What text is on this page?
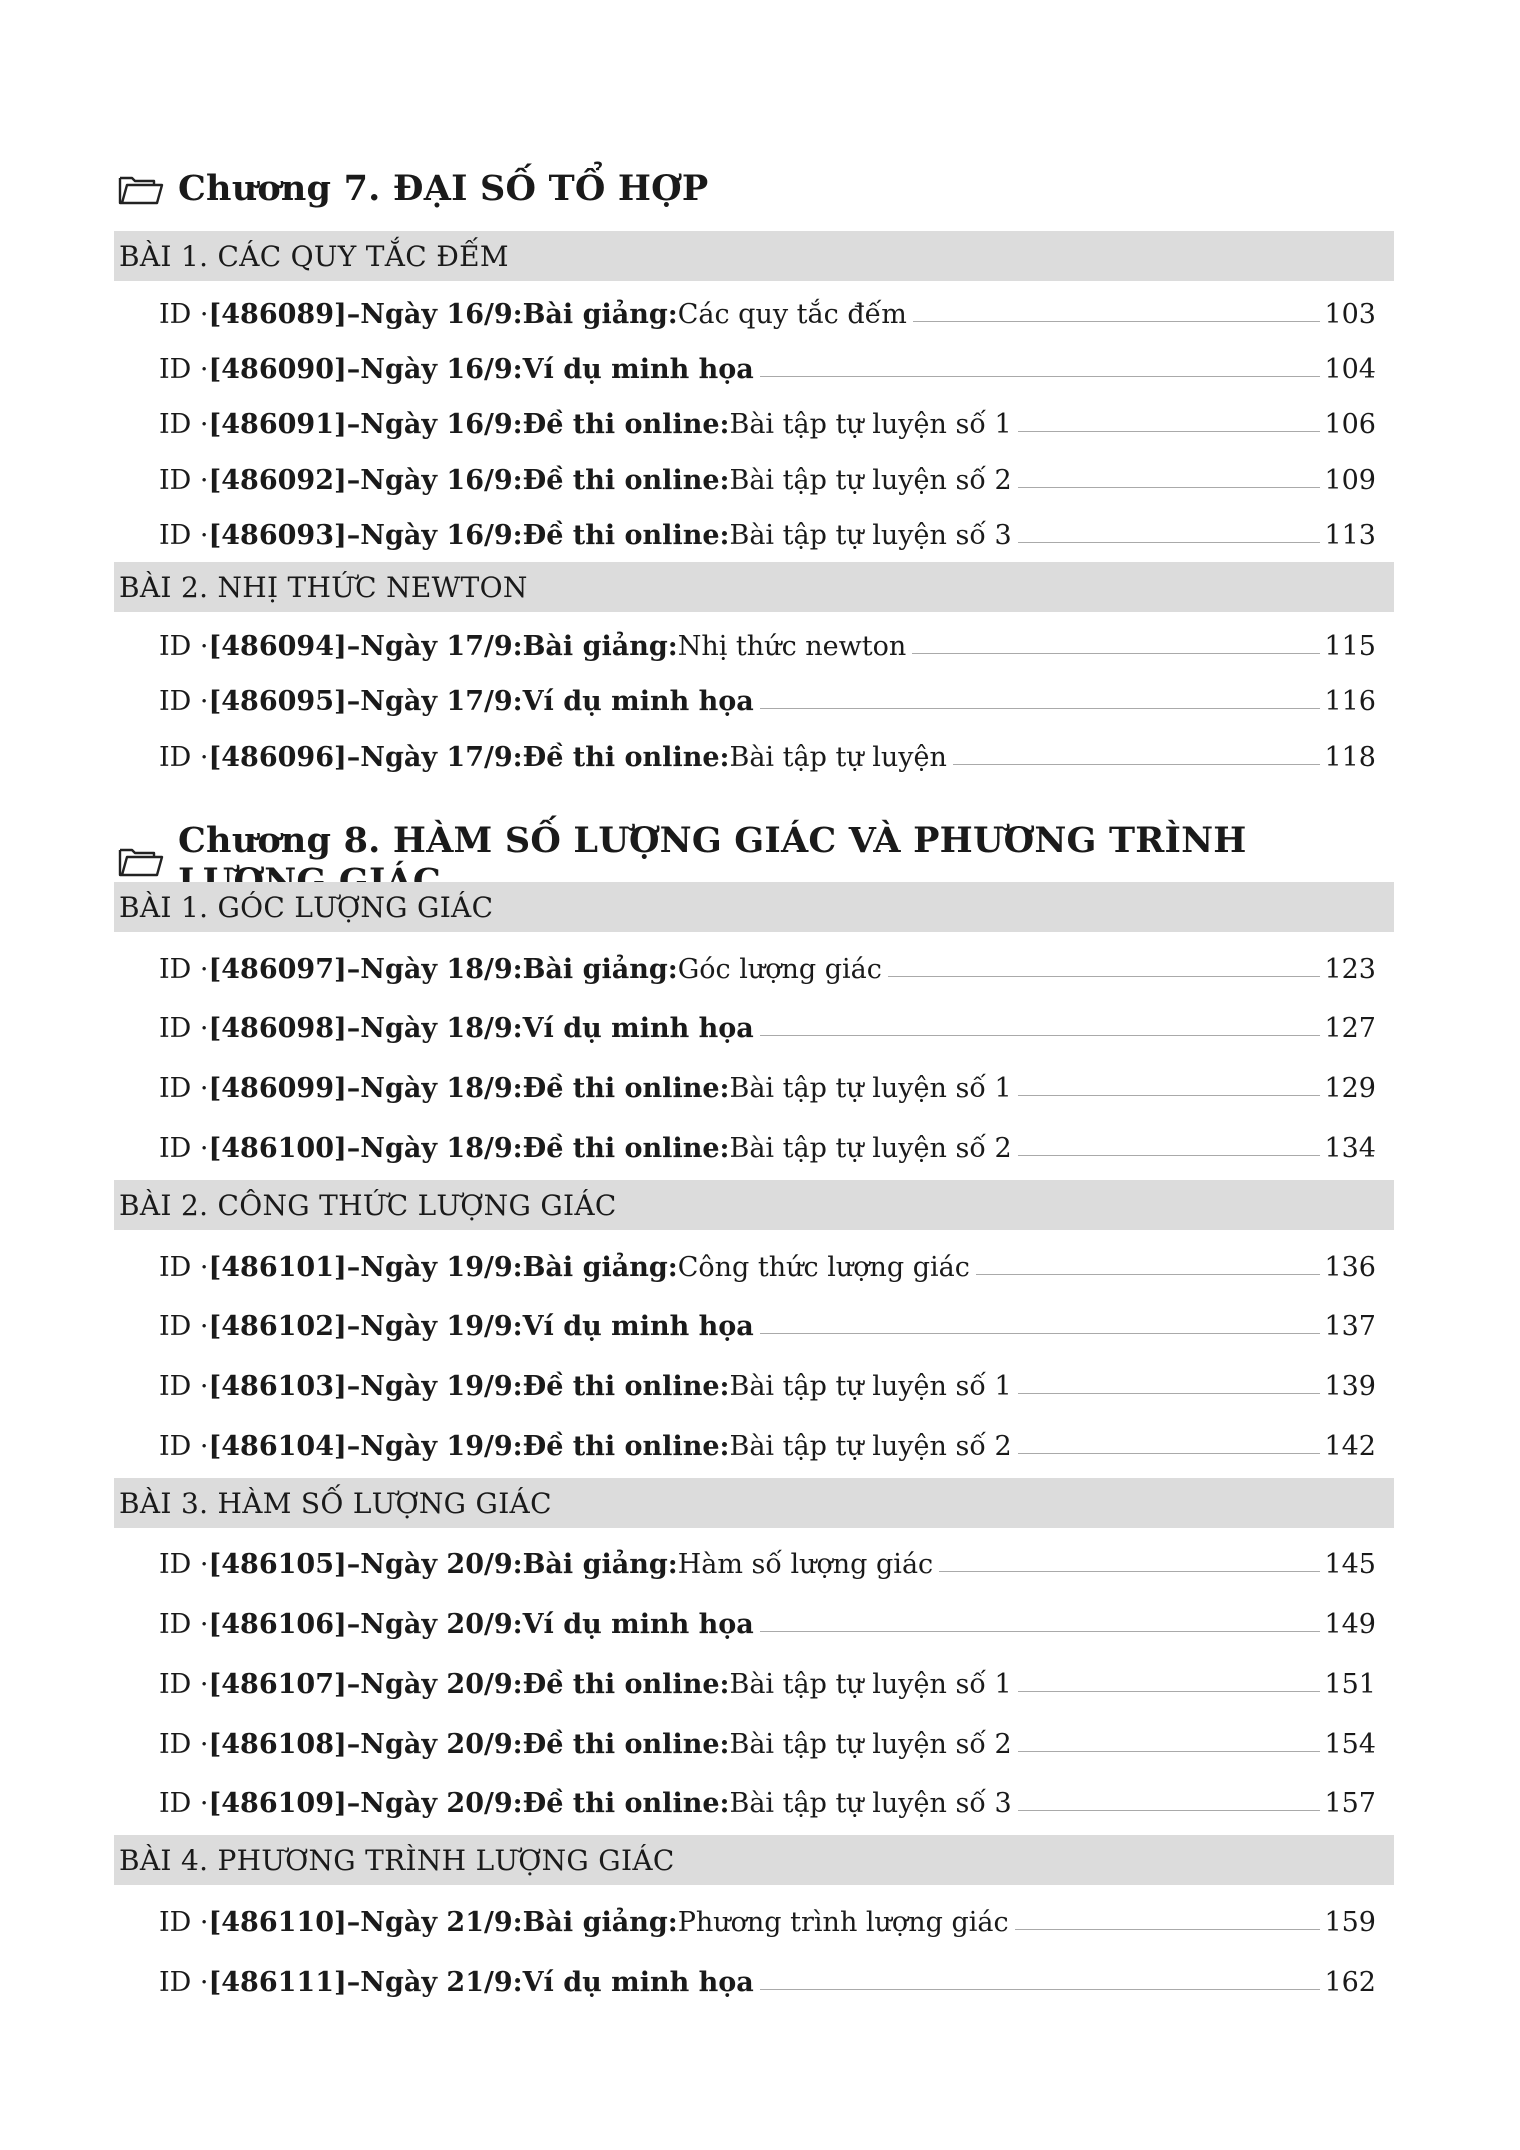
Chương 7. ĐẠI SỐ TỔ HỢP
BÀI 1. CÁC QUY TẮC ĐẾM
ID · [486089] – Ngày 16/9: Bài giảng: Các quy tắc đếm	103
ID · [486090] – Ngày 16/9: Ví dụ minh họa	104
ID · [486091] – Ngày 16/9: Đề thi online: Bài tập tự luyện số 1	106
ID · [486092] – Ngày 16/9: Đề thi online: Bài tập tự luyện số 2	109
ID · [486093] – Ngày 16/9: Đề thi online: Bài tập tự luyện số 3	113
BÀI 2. NHỊ THỨC NEWTON
ID · [486094] – Ngày 17/9: Bài giảng: Nhị thức newton	115
ID · [486095] – Ngày 17/9: Ví dụ minh họa	116
ID · [486096] – Ngày 17/9: Đề thi online: Bài tập tự luyện	118
Chương 8. HÀM SỐ LƯỢNG GIÁC VÀ PHƯƠNG TRÌNH
BÀI 1. GÓC LƯỢNG GIÁC
ID · [486097] – Ngày 18/9: Bài giảng: Góc lượng giác	123
ID · [486098] – Ngày 18/9: Ví dụ minh họa	127
ID · [486099] – Ngày 18/9: Đề thi online: Bài tập tự luyện số 1	129
ID · [486100] – Ngày 18/9: Đề thi online: Bài tập tự luyện số 2	134
BÀI 2. CÔNG THỨC LƯỢNG GIÁC
ID · [486101] – Ngày 19/9: Bài giảng: Công thức lượng giác	136
ID · [486102] – Ngày 19/9: Ví dụ minh họa	137
ID · [486103] – Ngày 19/9: Đề thi online: Bài tập tự luyện số 1	139
ID · [486104] – Ngày 19/9: Đề thi online: Bài tập tự luyện số 2	142
BÀI 3. HÀM SỐ LƯỢNG GIÁC
ID · [486105] – Ngày 20/9: Bài giảng: Hàm số lượng giác	145
ID · [486106] – Ngày 20/9: Ví dụ minh họa	149
ID · [486107] – Ngày 20/9: Đề thi online: Bài tập tự luyện số 1	151
ID · [486108] – Ngày 20/9: Đề thi online: Bài tập tự luyện số 2	154
ID · [486109] – Ngày 20/9: Đề thi online: Bài tập tự luyện số 3	157
BÀI 4. PHƯƠNG TRÌNH LƯỢNG GIÁC
ID · [486110] – Ngày 21/9: Bài giảng: Phương trình lượng giác	159
ID · [486111] – Ngày 21/9: Ví dụ minh họa	162
